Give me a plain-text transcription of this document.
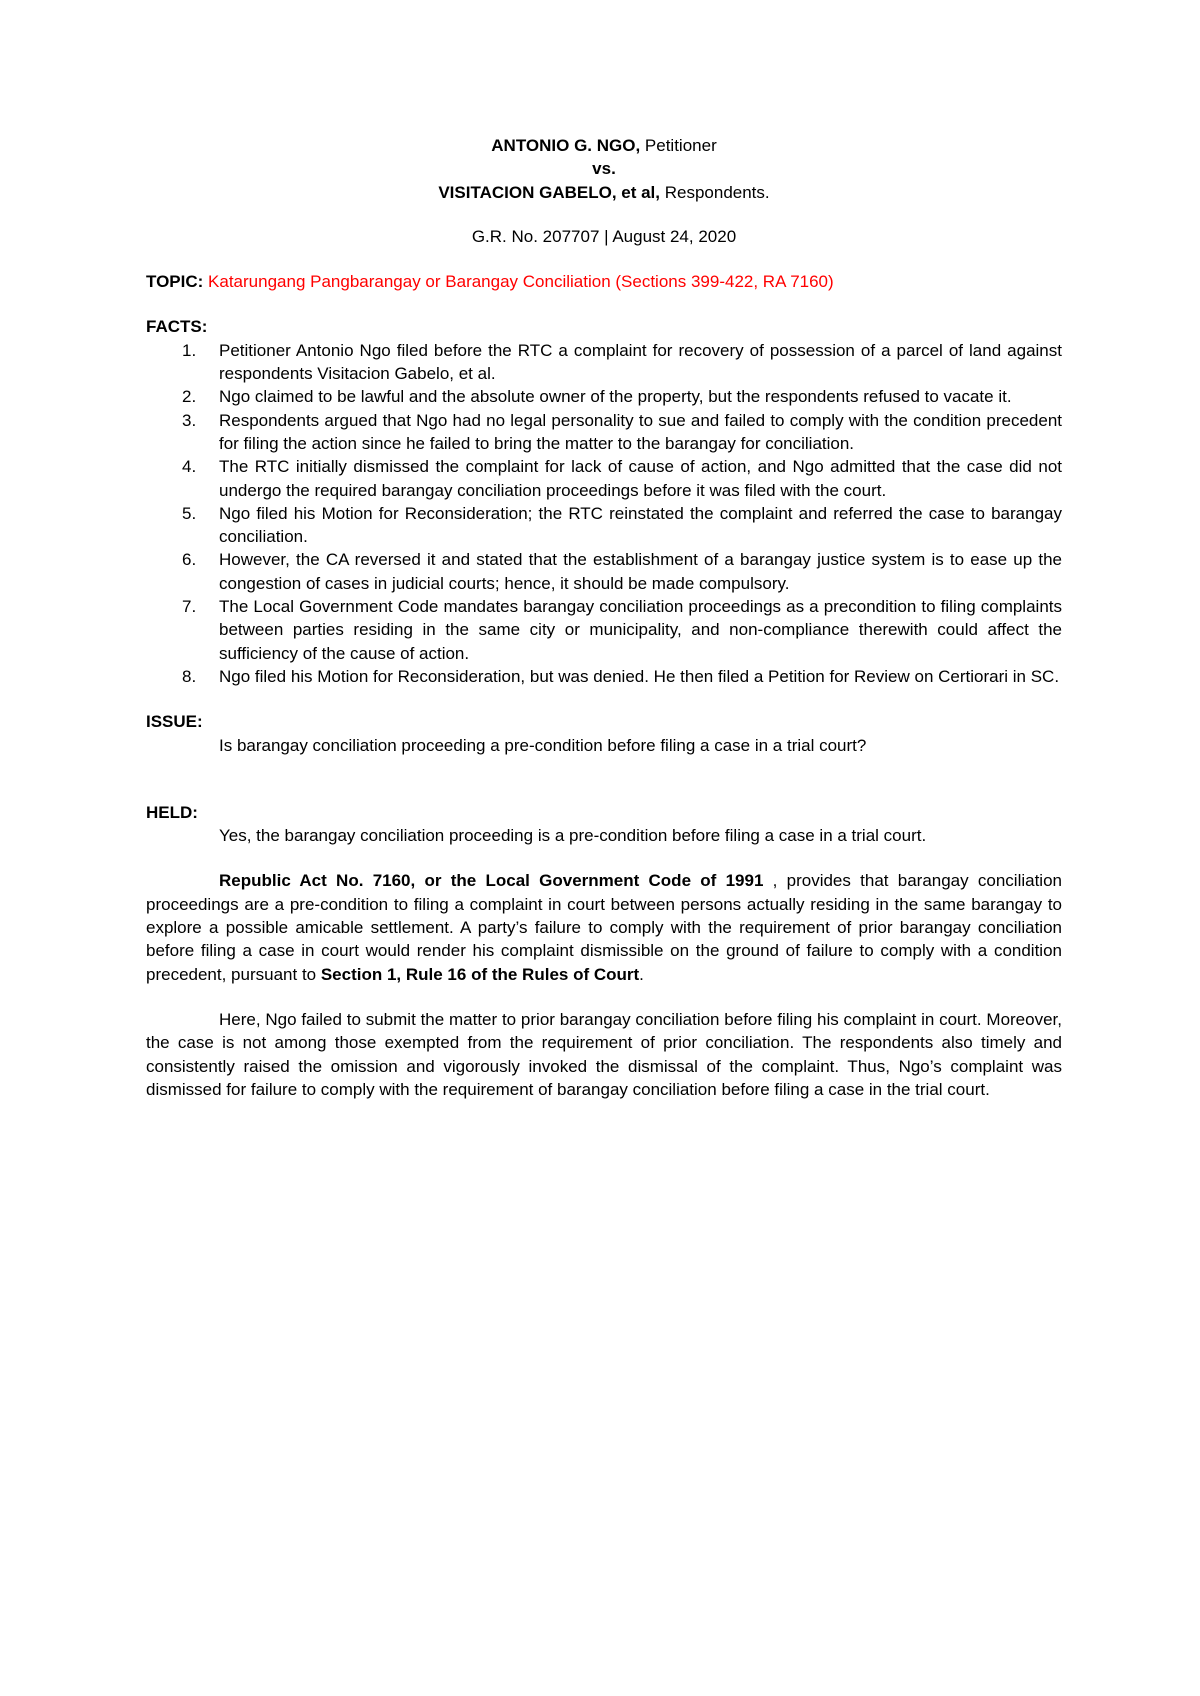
ANTONIO G. NGO, Petitioner
vs.
VISITACION GABELO, et al, Respondents.
G.R. No. 207707 | August 24, 2020
TOPIC: Katarungang Pangbarangay or Barangay Conciliation (Sections 399-422, RA 7160)
FACTS:
1. Petitioner Antonio Ngo filed before the RTC a complaint for recovery of possession of a parcel of land against respondents Visitacion Gabelo, et al.
2. Ngo claimed to be lawful and the absolute owner of the property, but the respondents refused to vacate it.
3. Respondents argued that Ngo had no legal personality to sue and failed to comply with the condition precedent for filing the action since he failed to bring the matter to the barangay for conciliation.
4. The RTC initially dismissed the complaint for lack of cause of action, and Ngo admitted that the case did not undergo the required barangay conciliation proceedings before it was filed with the court.
5. Ngo filed his Motion for Reconsideration; the RTC reinstated the complaint and referred the case to barangay conciliation.
6. However, the CA reversed it and stated that the establishment of a barangay justice system is to ease up the congestion of cases in judicial courts; hence, it should be made compulsory.
7. The Local Government Code mandates barangay conciliation proceedings as a precondition to filing complaints between parties residing in the same city or municipality, and non-compliance therewith could affect the sufficiency of the cause of action.
8. Ngo filed his Motion for Reconsideration, but was denied. He then filed a Petition for Review on Certiorari in SC.
ISSUE:
Is barangay conciliation proceeding a pre-condition before filing a case in a trial court?
HELD:

Yes, the barangay conciliation proceeding is a pre-condition before filing a case in a trial court.

Republic Act No. 7160, or the Local Government Code of 1991 , provides that barangay conciliation proceedings are a pre-condition to filing a complaint in court between persons actually residing in the same barangay to explore a possible amicable settlement. A party’s failure to comply with the requirement of prior barangay conciliation before filing a case in court would render his complaint dismissible on the ground of failure to comply with a condition precedent, pursuant to Section 1, Rule 16 of the Rules of Court.

Here, Ngo failed to submit the matter to prior barangay conciliation before filing his complaint in court. Moreover, the case is not among those exempted from the requirement of prior conciliation. The respondents also timely and consistently raised the omission and vigorously invoked the dismissal of the complaint. Thus, Ngo’s complaint was dismissed for failure to comply with the requirement of barangay conciliation before filing a case in the trial court.
